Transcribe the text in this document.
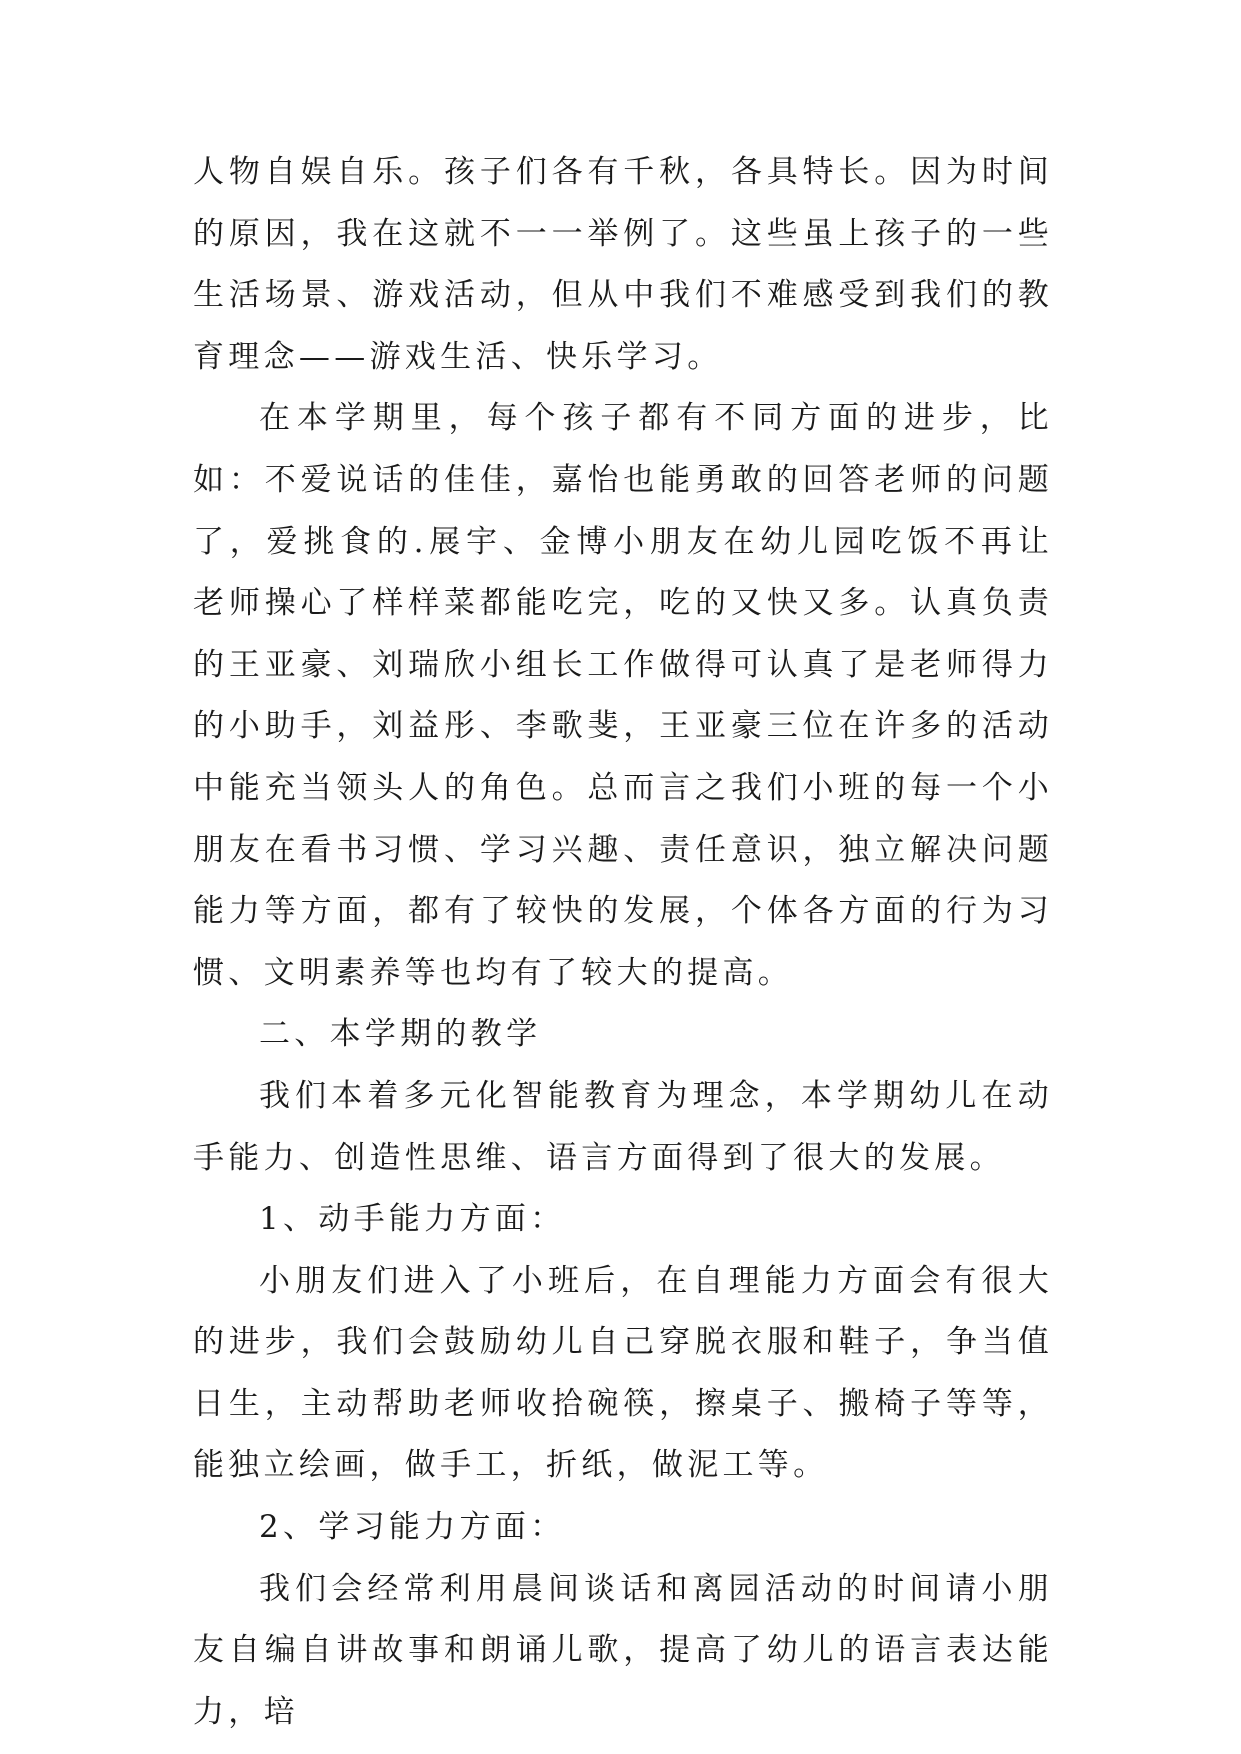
人物自娱自乐。孩子们各有千秋，各具特长。因为时间的原因，我在这就不一一举例了。这些虽上孩子的一些生活场景、游戏活动，但从中我们不难感受到我们的教育理念——游戏生活、快乐学习。

在本学期里，每个孩子都有不同方面的进步，比如：不爱说话的佳佳，嘉怡也能勇敢的回答老师的问题了，爱挑食的.展宇、金博小朋友在幼儿园吃饭不再让老师操心了样样菜都能吃完，吃的又快又多。认真负责的王亚豪、刘瑞欣小组长工作做得可认真了是老师得力的小助手，刘益彤、李歌斐，王亚豪三位在许多的活动中能充当领头人的角色。总而言之我们小班的每一个小朋友在看书习惯、学习兴趣、责任意识，独立解决问题能力等方面，都有了较快的发展，个体各方面的行为习惯、文明素养等也均有了较大的提高。

二、本学期的教学

我们本着多元化智能教育为理念，本学期幼儿在动手能力、创造性思维、语言方面得到了很大的发展。

1、动手能力方面：

小朋友们进入了小班后，在自理能力方面会有很大的进步，我们会鼓励幼儿自己穿脱衣服和鞋子，争当值日生，主动帮助老师收拾碗筷，擦桌子、搬椅子等等，能独立绘画，做手工，折纸，做泥工等。

2、学习能力方面：

我们会经常利用晨间谈话和离园活动的时间请小朋友自编自讲故事和朗诵儿歌，提高了幼儿的语言表达能力，培
